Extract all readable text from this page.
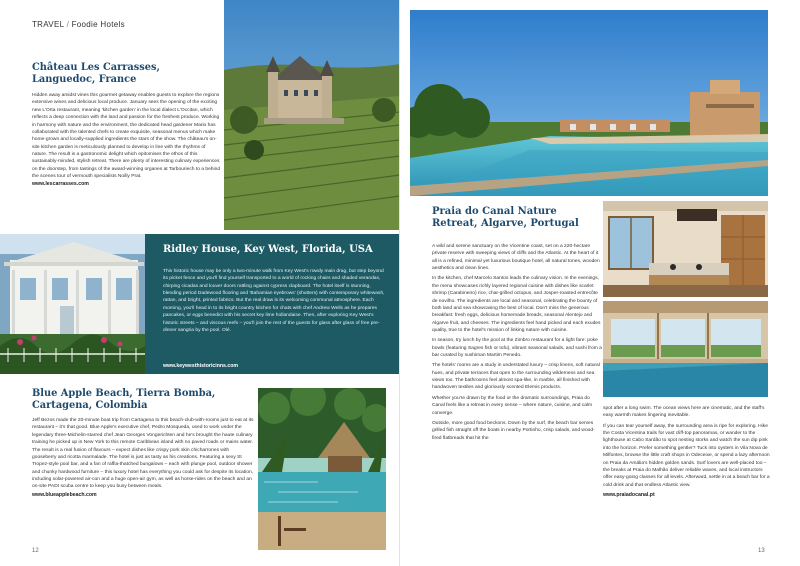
TRAVEL / Foodie Hotels
Château Les Carrasses, Languedoc, France
Hidden away amidst vines this gourmet getaway enables guests to explore the regions extensive wines and delicious local produce. January sees the opening of the exciting new L'Orta restaurant, meaning 'kitchen garden' in the local dialect L'Occitan, which reflects a deep connection with the land and passion for the freshest produce. Working in harmony with nature and the environment, the dedicated head gardener Mario has collaborated with the talented chefs to create exquisite, seasonal menus which make home-grown and locally-supplied ingredients the stars of the show. The château's on-site kitchen garden is meticulously planned to develop in line with the rhythms of nature. The result is a gastronomic delight which epitomises the ethos of this sustainably-minded, stylish retreat. There are plenty of interesting culinary experiences on the doorstep, from tastings of the award-winning organes at Tarbouriech to a behind the scenes tour of vermouth specialists Noilly Prat.
www.lescarrasses.com
Ridley House, Key West, Florida, USA
This historic house may be only a two-minute walk from Key West's rowdy main drag, but step beyond its picket fence and you'll find yourself transported to a world of rocking chairs and shaded verandas, chirping cicadas and louver doors rattling against cypress clapboard. The hotel itself is stunning, blending period Dadewood flooring and 'Bahamian eyebrows' (shutters) with contemporary whitewash, rattan, and bright, printed fabrics. But the real draw is its welcoming communal atmosphere. Each morning, you'll head in to its bright country kitchen for chats with chef Andrew Wells as he prepares pancakes, or eggs benedict with his secret key lime hollandaise. Then, after exploring Key West's historic streets – and viscous reefs – you'll join the rest of the guests for glass after glass of free pre-dinner sangria by the pool. Olé.
www.keywesthistoricinns.com
Blue Apple Beach, Tierra Bomba, Cartagena, Colombia
Jeff Bezos made the 20-minute boat trip from Cartagena to this beach-club-with-rooms just to eat at its restaurant – it's that good. Blue Apple's executive chef, Pedro Mosqueda, used to work under the legendary three-Michelin-starred chef Jean Georges Vongerichten and he's brought the haute culinary training he picked up in New York to this remote Caribbean island with no paved roads or mains water. The result is a real fusion of flavours – expect dishes like crispy pork skin chicharrones with gooseberry and ricotta marmalade. The hotel is just as tasty as his creations. Featuring a sexy St Tropez-style pool bar, and a fan of raffia-thatched bungalows – each with plunge pool, outdoor shower and chunky hardwood furniture – this luxury hotel has everything you could ask for despite its location, including solar-powered air-con and a huge open-air gym, as well as horse-rides on the beach and an on-site PADI scuba centre to keep you busy between meals.
www.blueapplebeach.com
12
Praia do Canal Nature Retreat, Algarve, Portugal

A wild and serene sanctuary on the Vicentine coast, set on a 220-hectare private reserve with sweeping views of cliffs and the Atlantic. At the heart of it all is a refined, minimal yet luxurious boutique hotel, all natural tones, wooden aesthetics and clean lines.

In the kitchen, chef Marcelo Santos leads the culinary vision. In the evenings, the menu showcases richly layered regional cuisine with dishes like scarlet shrimp (Carabineiro) rice, char-grilled octopus, and Josper-roasted entrecôte de novilho. The ingredients are local and seasonal, celebrating the bounty of both land and sea showcasing the best of local. Don't miss the generous breakfast: fresh eggs, delicious homemade breads, seasonal Alentejo and Algarve fruit, and cheeses. The ingredients feel hand picked and each exudes quality, true to the hotel's mission of linking nature with cuisine.

In season, try lunch by the pool at the Zimbro restaurant for a light fare: poke bowls (featuring Sagres fish or tofu), vibrant seasonal salads, and sushi from a bar curated by sushiman Martim Penedo.

The hotels' rooms are a study in understated luxury – crisp linens, soft natural hues, and private terraces that open to the surrounding wilderness and sea views too. The bathrooms feel almost spa-like, in marble, all finished with handwoven textiles and gloriously scented Elemis products.

Whether you're drawn by the food or the dramatic surroundings, Praia do Canal feels like a retreat in every sense – where nature, cuisine, and calm converge.

Outside, more good food beckons. Down by the surf, the beach bar serves grilled fish straight off the boats in nearby Portinho, crisp salads, and wood-fired flatbreads that hit the

spot after a long swim. The ocean views here are cinematic, and the staff's easy warmth makes lingering inevitable.

If you can tear yourself away, the surrounding area is ripe for exploring. Hike the Costa Vicentina trails for vast cliff-top panoramas, or wander to the lighthouse at Cabo Sardão to spot nesting storks and watch the sun dip pink into the horizon. Prefer something gentler? Tuck into oysters in Vila Nova de Milfontes, browse the little craft shops in Odeceixe, or spend a lazy afternoon on Praia da Amália's hidden golden sands. Surf lovers are well-placed too – the breaks at Praia do Malhão deliver reliable waves, and local instructors offer easy-going classes for all levels. Afterward, settle in at a beach bar for a cold drink and that endless Atlantic view.

www.praiadocanal.pt
13
